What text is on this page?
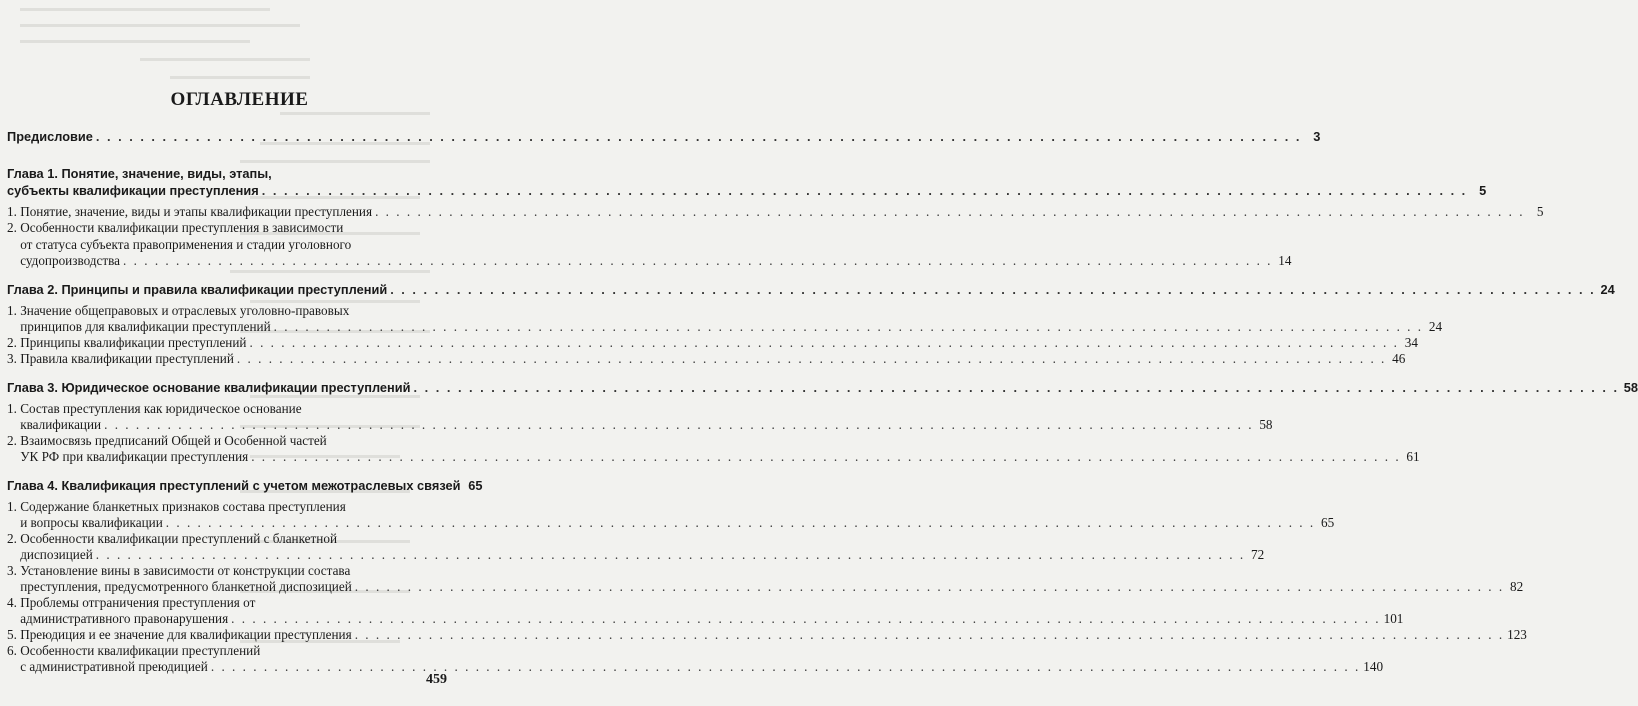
ОГЛАВЛЕНИЕ
Предисловие . . .	3
Глава 1. Понятие, значение, виды, этапы,
субъекты квалификации преступления . . .	5
1. Понятие, значение, виды и этапы квалификации преступления . . .	5
2. Особенности квалификации преступления в зависимости
от статуса субъекта правоприменения и стадии уголовного
судопроизводства . . .	14
Глава 2. Принципы и правила квалификации преступлений . . .	24
1. Значение общеправовых и отраслевых уголовно-правовых
принципов для квалификации преступлений . . .	24
2. Принципы квалификации преступлений . . .	34
3. Правила квалификации преступлений . . .	46
Глава 3. Юридическое основание квалификации преступлений . . .	58
1. Состав преступления как юридическое основание
квалификации . . .	58
2. Взаимосвязь предписаний Общей и Особенной частей
УК РФ при квалификации преступления . . .	61
Глава 4. Квалификация преступлений с учетом межотраслевых связей 65
1. Содержание бланкетных признаков состава преступления
и вопросы квалификации . . .	65
2. Особенности квалификации преступлений с бланкетной
диспозицией . . .	72
3. Установление вины в зависимости от конструкции состава
преступления, предусмотренного бланкетной диспозицией . . .	82
4. Проблемы отграничения преступления от
административного правонарушения . . .	101
5. Преюдиция и ее значение для квалификации преступления . . .	123
6. Особенности квалификации преступлений
с административной преюдицией . . .	140
459
